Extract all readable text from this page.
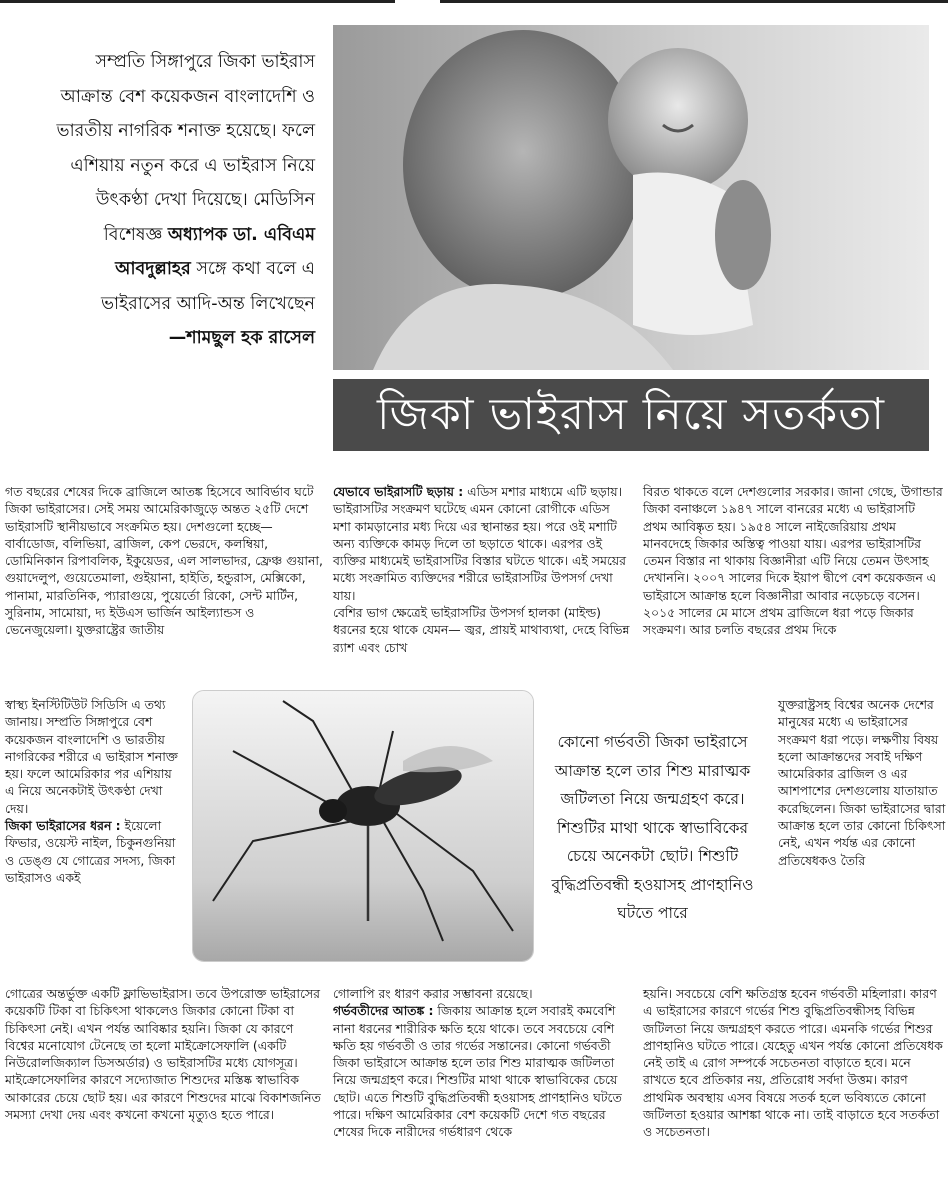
সম্প্রতি সিঙ্গাপুরে জিকা ভাইরাস আক্রান্ত বেশ কয়েকজন বাংলাদেশি ও ভারতীয় নাগরিক শনাক্ত হয়েছে। ফলে এশিয়ায় নতুন করে এ ভাইরাস নিয়ে উৎকণ্ঠা দেখা দিয়েছে। মেডিসিন বিশেষজ্ঞ অধ্যাপক ডা. এবিএম আবদুল্লাহর সঙ্গে কথা বলে এ ভাইরাসের আদি-অন্ত লিখেছেন
—শামছুল হক রাসেল
জিকা ভাইরাস নিয়ে সতর্কতা
গত বছরের শেষের দিকে ব্রাজিলে আতঙ্ক হিসেবে আবির্ভাব ঘটে জিকা ভাইরাসের। সেই সময় আমেরিকাজুড়ে অন্তত ২৫টি দেশে ভাইরাসটি স্থানীয়ভাবে সংক্রমিত হয়। দেশগুলো হচ্ছে— বার্বাডোজ, বলিভিয়া, ব্রাজিল, কেপ ভেরদে, কলম্বিয়া, ডোমিনিকান রিপাবলিক, ইকুয়েডর, এল সালভাদর, ফ্রেঞ্চ গুয়ানা, গুয়াদেলুপ, গুয়েতেমালা, গুইয়ানা, হাইতি, হন্ডুরাস, মেক্সিকো, পানামা, মারতিনিক, প্যারাগুয়ে, পুয়ের্তো রিকো, সেন্ট মার্টিন, সুরিনাম, সামোয়া, দ্য ইউএস ভার্জিন আইল্যান্ডস ও ভেনেজুয়েলা। যুক্তরাষ্ট্রের জাতীয়
স্বাস্থ্য ইনস্টিটিউট সিডিসি এ তথ্য জানায়। সম্প্রতি সিঙ্গাপুরে বেশ কয়েকজন বাংলাদেশি ও ভারতীয় নাগরিকের শরীরে এ ভাইরাস শনাক্ত হয়। ফলে আমেরিকার পর এশিয়ায় এ নিয়ে অনেকটাই উৎকণ্ঠা দেখা দেয়।
জিকা ভাইরাসের ধরন : ইয়েলো ফিভার, ওয়েস্ট নাইল, চিকুনগুনিয়া ও ডেঙ্গু যে গোত্রের সদস্য, জিকা ভাইরাসও একই
গোত্রের অন্তর্ভুক্ত একটি ফ্লাভিভাইরাস। তবে উপরোক্ত ভাইরাসের কয়েকটি টিকা বা চিকিৎসা থাকলেও জিকার কোনো টিকা বা চিকিৎসা নেই। এখন পর্যন্ত আবিষ্কার হয়নি। জিকা যে কারণে বিশ্বের মনোযোগ টেনেছে তা হলো মাইক্রোসেফালি (একটি নিউরোলজিক্যাল ডিসঅর্ডার) ও ভাইরাসটির মধ্যে যোগসূত্র। মাইক্রোসেফালির কারণে সদ্যোজাত শিশুদের মস্তিষ্ক স্বাভাবিক আকারের চেয়ে ছোট হয়। এর কারণে শিশুদের মাঝে বিকাশজনিত সমস্যা দেখা দেয় এবং কখনো কখনো মৃত্যুও হতে পারে।
যেভাবে ভাইরাসটি ছড়ায় : এডিস মশার মাধ্যমে এটি ছড়ায়। ভাইরাসটির সংক্রমণ ঘটেছে এমন কোনো রোগীকে এডিস মশা কামড়ানোর মধ্য দিয়ে এর স্থানান্তর হয়। পরে ওই মশাটি অন্য ব্যক্তিকে কামড় দিলে তা ছড়াতে থাকে। এরপর ওই ব্যক্তির মাধ্যমেই ভাইরাসটির বিস্তার ঘটতে থাকে। এই সময়ের মধ্যে সংক্রামিত ব্যক্তিদের শরীরে ভাইরাসটির উপসর্গ দেখা যায়।
বেশির ভাগ ক্ষেত্রেই ভাইরাসটির উপসর্গ হালকা (মাইল্ড) ধরনের হয়ে থাকে যেমন— জ্বর, প্রায়ই মাথাব্যথা, দেহে বিভিন্ন র‍্যাশ এবং চোখ
গোলাপি রং ধারণ করার সম্ভাবনা রয়েছে।
গর্ভবতীদের আতঙ্ক : জিকায় আক্রান্ত হলে সবারই কমবেশি নানা ধরনের শারীরিক ক্ষতি হয়ে থাকে। তবে সবচেয়ে বেশি ক্ষতি হয় গর্ভবতী ও তার গর্ভের সন্তানের। কোনো গর্ভবতী জিকা ভাইরাসে আক্রান্ত হলে তার শিশু মারাত্মক জটিলতা নিয়ে জন্মগ্রহণ করে। শিশুটির মাথা থাকে স্বাভাবিকের চেয়ে ছোট। এতে শিশুটি বুদ্ধিপ্রতিবন্ধী হওয়াসহ প্রাণহানিও ঘটতে পারে। দক্ষিণ আমেরিকার বেশ কয়েকটি দেশে গত বছরের শেষের দিকে নারীদের গর্ভধারণ থেকে
বিরত থাকতে বলে দেশগুলোর সরকার। জানা গেছে, উগান্ডার জিকা বনাঞ্চলে ১৯৪৭ সালে বানরের মধ্যে এ ভাইরাসটি প্রথম আবিষ্কৃত হয়। ১৯৫৪ সালে নাইজেরিয়ায় প্রথম মানবদেহে জিকার অস্তিত্ব পাওয়া যায়। এরপর ভাইরাসটির তেমন বিস্তার না থাকায় বিজ্ঞানীরা এটি নিয়ে তেমন উৎসাহ দেখাননি। ২০০৭ সালের দিকে ইয়াপ দ্বীপে বেশ কয়েকজন এ ভাইরাসে আক্রান্ত হলে বিজ্ঞানীরা আবার নড়েচড়ে বসেন। ২০১৫ সালের মে মাসে প্রথম ব্রাজিলে ধরা পড়ে জিকার সংক্রমণ। আর চলতি বছরের প্রথম দিকে
যুক্তরাষ্ট্রসহ বিশ্বের অনেক দেশের মানুষের মধ্যে এ ভাইরাসের সংক্রমণ ধরা পড়ে। লক্ষণীয় বিষয় হলো আক্রান্তদের সবাই দক্ষিণ আমেরিকার ব্রাজিল ও এর আশপাশের দেশগুলোয় যাতায়াত করেছিলেন। জিকা ভাইরাসের দ্বারা আক্রান্ত হলে তার কোনো চিকিৎসা নেই, এখন পর্যন্ত এর কোনো প্রতিষেধকও তৈরি
হয়নি। সবচেয়ে বেশি ক্ষতিগ্রস্ত হবেন গর্ভবতী মহিলারা। কারণ এ ভাইরাসের কারণে গর্ভের শিশু বুদ্ধিপ্রতিবন্ধীসহ বিভিন্ন জটিলতা নিয়ে জন্মগ্রহণ করতে পারে। এমনকি গর্ভের শিশুর প্রাণহানিও ঘটতে পারে। যেহেতু এখন পর্যন্ত কোনো প্রতিষেধক নেই তাই এ রোগ সম্পর্কে সচেতনতা বাড়াতে হবে। মনে রাখতে হবে প্রতিকার নয়, প্রতিরোধ সর্বদা উত্তম। কারণ প্রাথমিক অবস্থায় এসব বিষয়ে সতর্ক হলে ভবিষ্যতে কোনো জটিলতা হওয়ার আশঙ্কা থাকে না। তাই বাড়াতে হবে সতর্কতা ও সচেতনতা।
কোনো গর্ভবতী জিকা ভাইরাসে আক্রান্ত হলে তার শিশু মারাত্মক জটিলতা নিয়ে জন্মগ্রহণ করে। শিশুটির মাথা থাকে স্বাভাবিকের চেয়ে অনেকটা ছোট। শিশুটি বুদ্ধিপ্রতিবন্ধী হওয়াসহ প্রাণহানিও ঘটতে পারে
